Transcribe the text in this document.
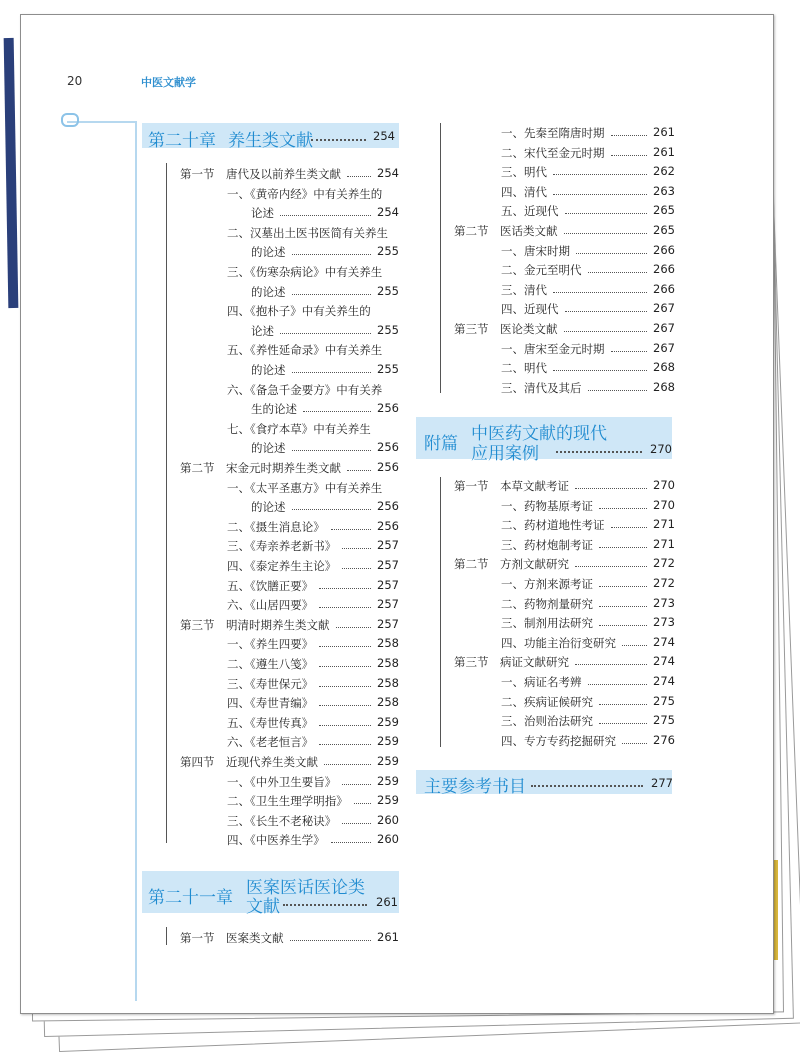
20	中医文献学
第二十章 养生类文献	254
第一节　唐代及以前养生类文献	254
一、《黄帝内经》中有关养生的
论述	254
二、汉墓出土医书医简有关养生
的论述	255
三、《伤寒杂病论》中有关养生
的论述	255
四、《抱朴子》中有关养生的
论述	255
五、《养性延命录》中有关养生
的论述	255
六、《备急千金要方》中有关养
生的论述	256
七、《食疗本草》中有关养生
的论述	256
第二节　宋金元时期养生类文献	256
一、《太平圣惠方》中有关养生
的论述	256
二、《摄生消息论》	256
三、《寿亲养老新书》	257
四、《泰定养生主论》	257
五、《饮膳正要》	257
六、《山居四要》	257
第三节　明清时期养生类文献	257
一、《养生四要》	258
二、《遵生八笺》	258
三、《寿世保元》	258
四、《寿世青编》	258
五、《寿世传真》	259
六、《老老恒言》	259
第四节　近现代养生类文献	259
一、《中外卫生要旨》	259
二、《卫生生理学明指》	259
三、《长生不老秘诀》	260
四、《中医养生学》	260
第二十一章 医案医话医论类
文献	261
第一节　医案类文献	261
一、先秦至隋唐时期	261
二、宋代至金元时期	261
三、明代	262
四、清代	263
五、近现代	265
第二节　医话类文献	265
一、唐宋时期	266
二、金元至明代	266
三、清代	266
四、近现代	267
第三节　医论类文献	267
一、唐宋至金元时期	267
二、明代	268
三、清代及其后	268
附篇 中医药文献的现代
应用案例	270
第一节　本草文献考证	270
一、药物基原考证	270
二、药材道地性考证	271
三、药材炮制考证	271
第二节　方剂文献研究	272
一、方剂来源考证	272
二、药物剂量研究	273
三、制剂用法研究	273
四、功能主治衍变研究	274
第三节　病证文献研究	274
一、病证名考辨	274
二、疾病证候研究	275
三、治则治法研究	275
四、专方专药挖掘研究	276
主要参考书目	277
